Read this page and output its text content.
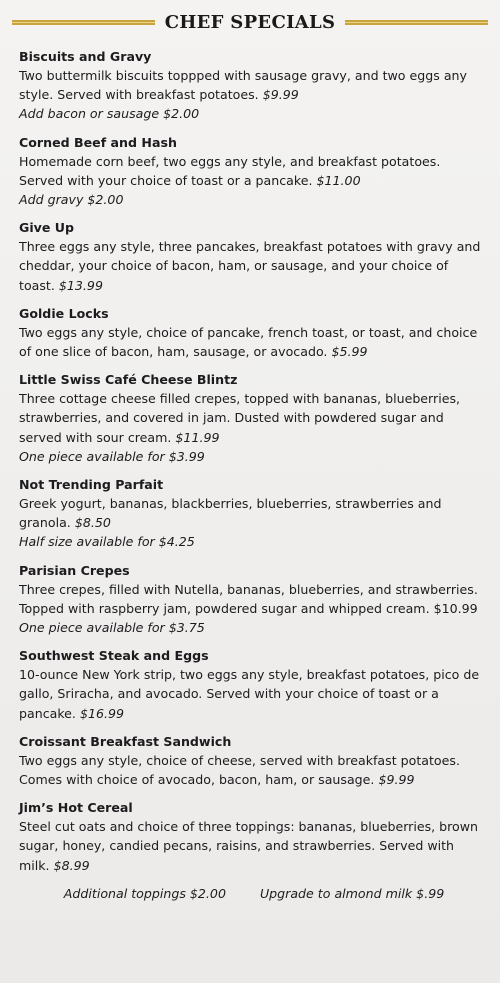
CHEF SPECIALS

Biscuits and Gravy

Two buttermilk biscuits toppped with sausage gravy, and two eggs any style. Served with breakfast potatoes. $9.99

Add bacon or sausage $2.00

Corned Beef and Hash

Homemade corn beef, two eggs any style, and breakfast potatoes. Served with your choice of toast or a pancake. $11.00

Add gravy $2.00

Give Up

Three eggs any style, three pancakes, breakfast potatoes with gravy and cheddar, your choice of bacon, ham, or sausage, and your choice of toast. $13.99

Goldie Locks

Two eggs any style, choice of pancake, french toast, or toast, and choice of one slice of bacon, ham, sausage, or avocado. $5.99

Little Swiss Café Cheese Blintz

Three cottage cheese filled crepes, topped with bananas, blueberries, strawberries, and covered in jam. Dusted with powdered sugar and served with sour cream. $11.99

One piece available for $3.99

Not Trending Parfait

Greek yogurt, bananas, blackberries, blueberries, strawberries and granola. $8.50

Half size available for $4.25

Parisian Crepes

Three crepes, filled with Nutella, bananas, blueberries, and strawberries. Topped with raspberry jam, powdered sugar and whipped cream. $10.99

One piece available for $3.75

Southwest Steak and Eggs

10-ounce New York strip, two eggs any style, breakfast potatoes, pico de gallo, Sriracha, and avocado. Served with your choice of toast or a pancake. $16.99

Croissant Breakfast Sandwich

Two eggs any style, choice of cheese, served with breakfast potatoes. Comes with choice of avocado, bacon, ham, or sausage. $9.99

Jim’s Hot Cereal

Steel cut oats and choice of three toppings: bananas, blueberries, brown sugar, honey, candied pecans, raisins, and strawberries. Served with milk. $8.99

Additional toppings $2.00	Upgrade to almond milk $.99
